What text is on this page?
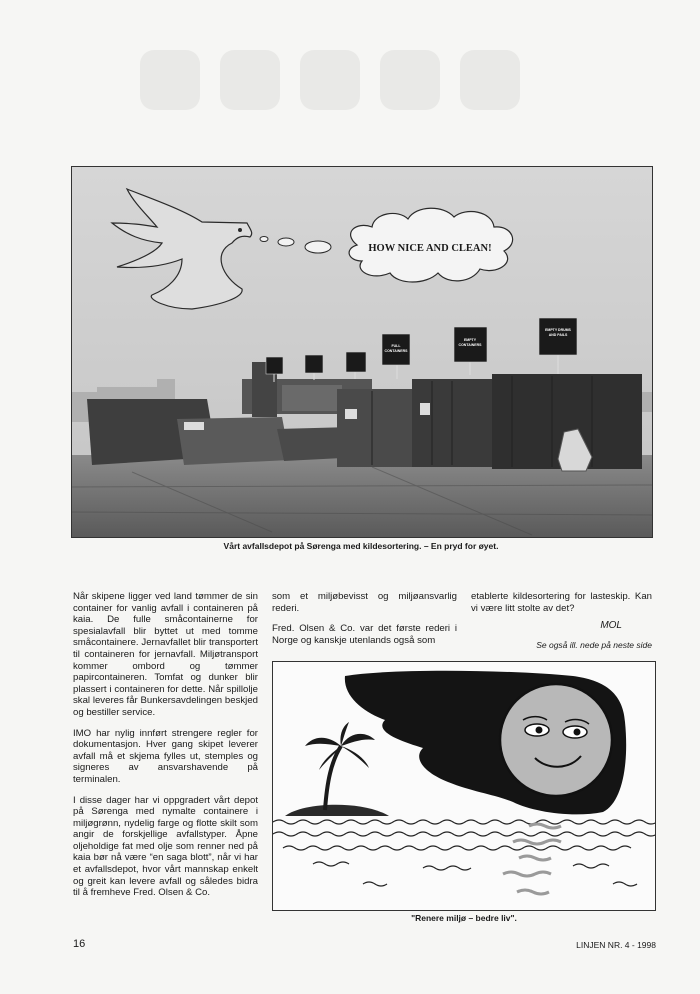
FULL
CONTAINERS
EMPTY
CONTAINERS
EMPTY DRUMS
AND PAILS
HOW NICE AND CLEAN!
Vårt avfallsdepot på Sørenga med kildesortering. – En pryd for øyet.

Når skipene ligger ved land tømmer de sin container for vanlig avfall i containeren på kaia. De fulle småcontainerne for spesialavfall blir byttet ut med tomme småcontainere. Jernavfallet blir transportert til containeren for jernavfall. Miljøtransport kommer ombord og tømmer papircontaineren. Tomfat og dunker blir plassert i containeren for dette. Når spillolje skal leveres får Bunkersavdelingen beskjed og bestiller service.

IMO har nylig innført strengere regler for dokumentasjon. Hver gang skipet leverer avfall må et skjema fylles ut, stemples og signeres av ansvarshavende på terminalen.

I disse dager har vi oppgradert vårt depot på Sørenga med nymalte containere i miljøgrønn, nydelig farge og flotte skilt som angir de forskjellige avfallstyper. Åpne oljeholdige fat med olje som renner ned på kaia bør nå være “en saga blott”, når vi har et avfallsdepot, hvor vårt mannskap enkelt og greit kan levere avfall og således bidra til å fremheve Fred. Olsen & Co.

som et miljøbevisst og miljøansvarlig rederi.

Fred. Olsen & Co. var det første rederi i Norge og kanskje utenlands også som

etablerte kildesortering for lasteskip. Kan vi være litt stolte av det?

MOL
Se også ill. nede på neste side
"Renere miljø – bedre liv".
16	LINJEN NR. 4 - 1998
